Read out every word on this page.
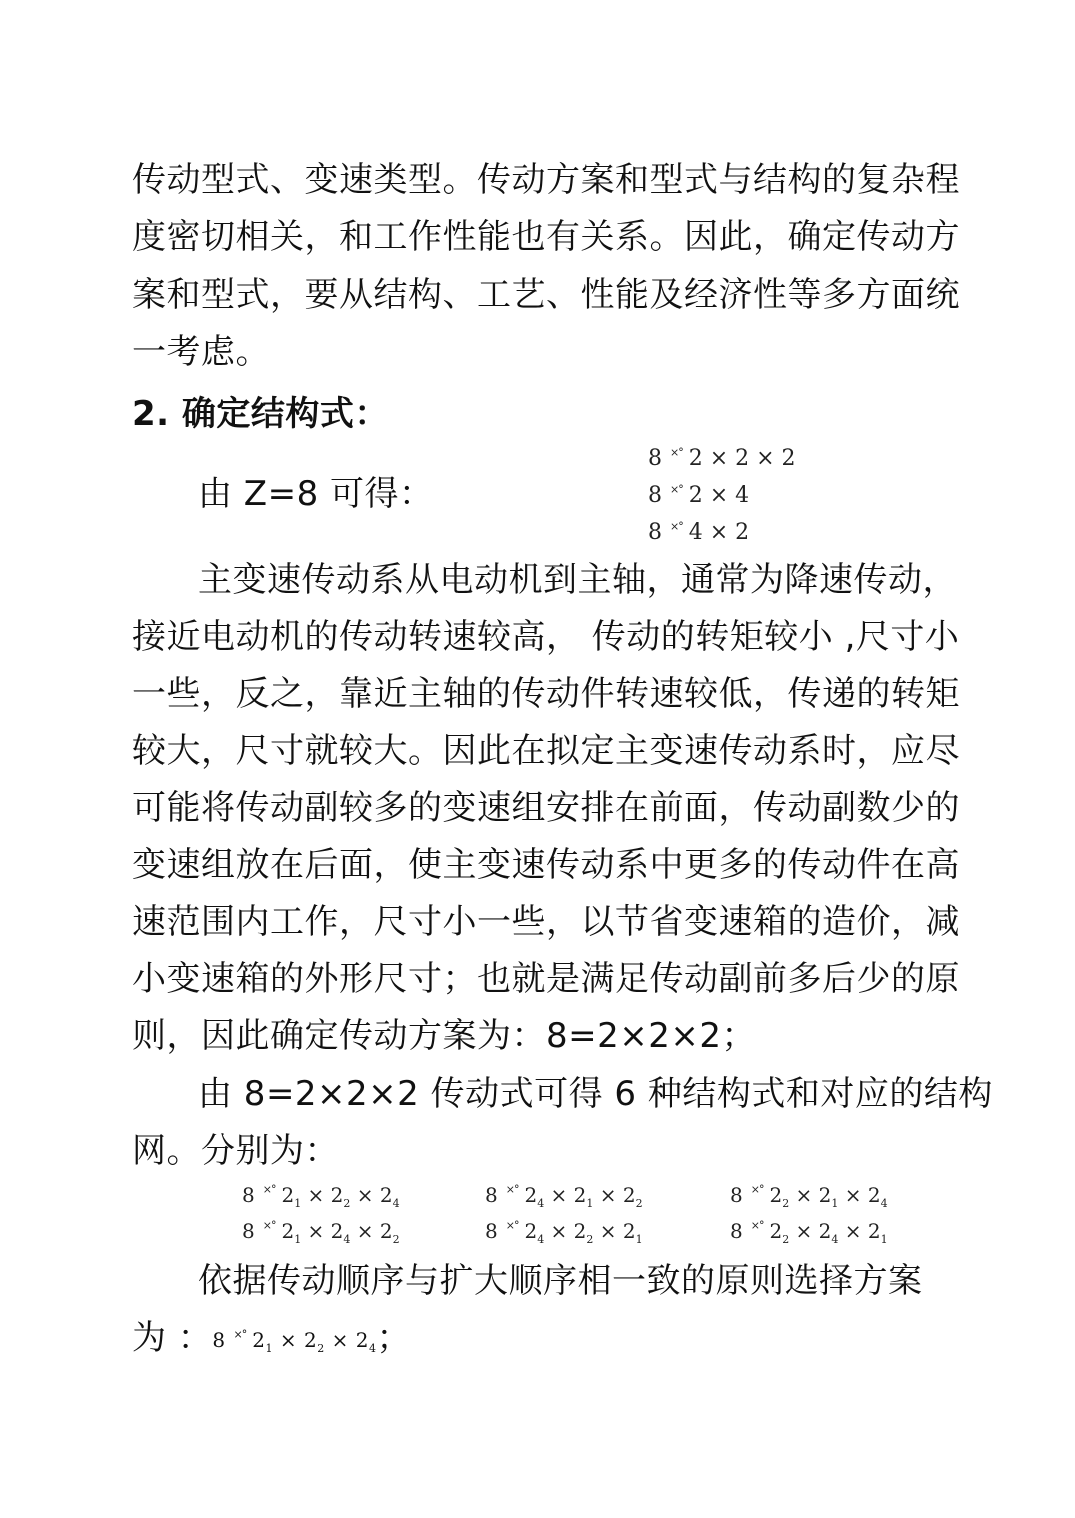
传动型式、变速类型。传动方案和型式与结构的复杂程
度密切相关，和工作性能也有关系。因此，确定传动方
案和型式，要从结构、工艺、性能及经济性等多方面统
一考虑。
2. 确定结构式：
由 Z=8 可得：
8 ×° 2 × 2 × 2
8 ×° 2 × 4
8 ×° 4 × 2
主变速传动系从电动机到主轴，通常为降速传动，
接近电动机的传动转速较高， 传动的转矩较小 ,尺寸小
一些，反之，靠近主轴的传动件转速较低，传递的转矩
较大，尺寸就较大。因此在拟定主变速传动系时，应尽
可能将传动副较多的变速组安排在前面，传动副数少的
变速组放在后面，使主变速传动系中更多的传动件在高
速范围内工作，尺寸小一些，以节省变速箱的造价，减
小变速箱的外形尺寸；也就是满足传动副前多后少的原
则，因此确定传动方案为：8=2×2×2；
由 8=2×2×2 传动式可得 6 种结构式和对应的结构
网。分别为：
8 ×° $2_1 \times 2_2 \times 2_4$	8 ×° $2_4 \times 2_1 \times 2_2$	8 ×° $2_2 \times 2_1 \times 2_4$
8 ×° $2_1 \times 2_4 \times 2_2$	8 ×° $2_4 \times 2_2 \times 2_1$	8 ×° $2_2 \times 2_4 \times 2_1$
依据传动顺序与扩大顺序相一致的原则选择方案
为 ：8 ×° $2_1 \times 2_2 \times 2_4$；
